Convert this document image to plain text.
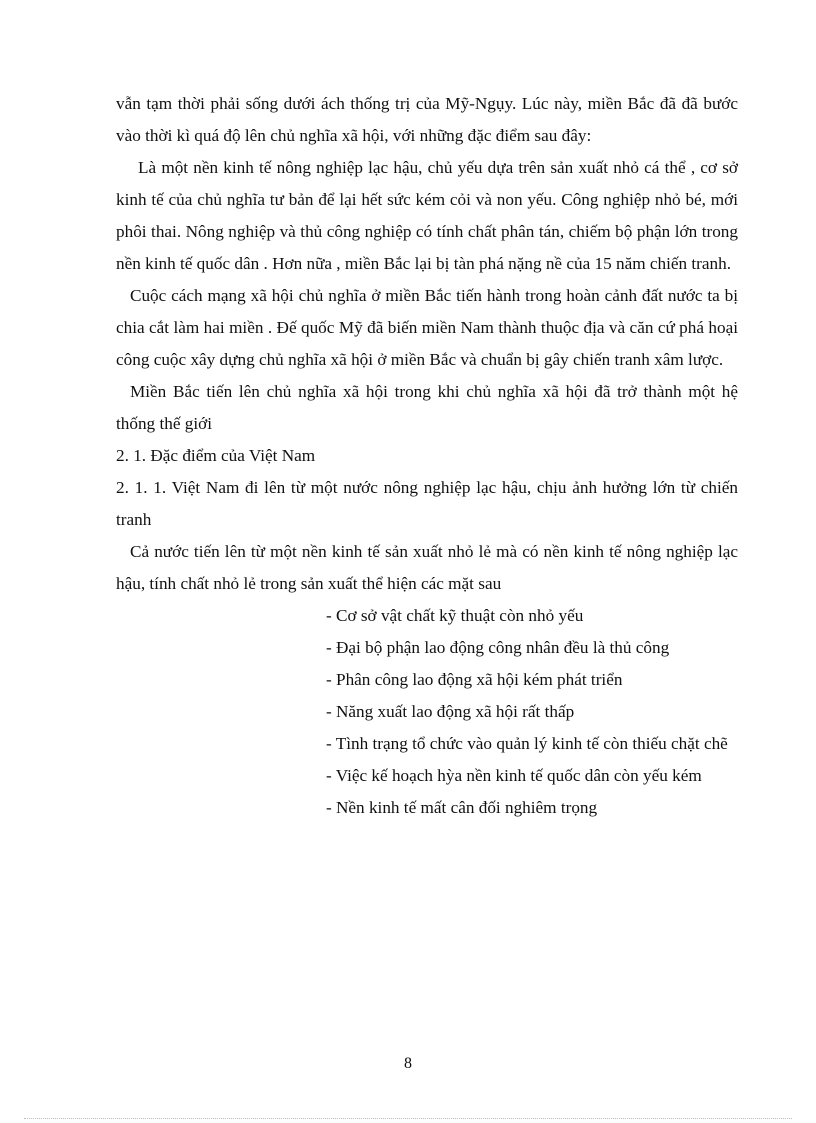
vẫn tạm thời phải sống dưới ách thống trị của Mỹ-Ngụy. Lúc này, miền Bắc đã đã bước vào thời kì quá độ lên chủ nghĩa xã hội, với những đặc điểm sau đây:

Là một nền kinh tế nông nghiệp lạc hậu, chủ yếu dựa trên sản xuất nhỏ cá thể , cơ sở kinh tế của chủ nghĩa tư bản để lại hết sức kém cỏi và non yếu. Công nghiệp nhỏ bé, mới phôi thai. Nông nghiệp và thủ công nghiệp có tính chất phân tán, chiếm bộ phận lớn trong nền kinh tế quốc dân . Hơn nữa , miền Bắc lại bị tàn phá nặng nề của 15 năm chiến tranh.

Cuộc cách mạng xã hội chủ nghĩa ở miền Bắc tiến hành trong hoàn cảnh đất nước ta bị chia cắt làm hai miền . Đế quốc Mỹ đã biến miền Nam thành thuộc địa và căn cứ phá hoại công cuộc xây dựng chủ nghĩa xã hội ở miền Bắc và chuẩn bị gây chiến tranh xâm lược.

Miền Bắc tiến lên chủ nghĩa xã hội trong khi chủ nghĩa xã hội đã trở thành một hệ thống thế giới

2. 1. Đặc điểm của Việt Nam

2. 1. 1. Việt Nam đi lên từ một nước nông nghiệp lạc hậu, chịu ảnh hưởng lớn từ chiến tranh

Cả nước tiến lên từ một nền kinh tế sản xuất nhỏ lẻ mà có nền kinh tế nông nghiệp lạc hậu, tính chất nhỏ lẻ trong sản xuất thể hiện các mặt sau

- Cơ sở vật chất kỹ thuật còn nhỏ yếu
- Đại bộ phận lao động công nhân đều là thủ công
- Phân công lao động xã hội kém phát triển
- Năng xuất lao động xã hội rất thấp
- Tình trạng tổ chức vào quản lý kinh tế còn thiếu chặt chẽ
- Việc kế hoạch hỳa nền kinh tế quốc dân còn yếu kém
- Nền kinh tế mất cân đối nghiêm trọng
8
